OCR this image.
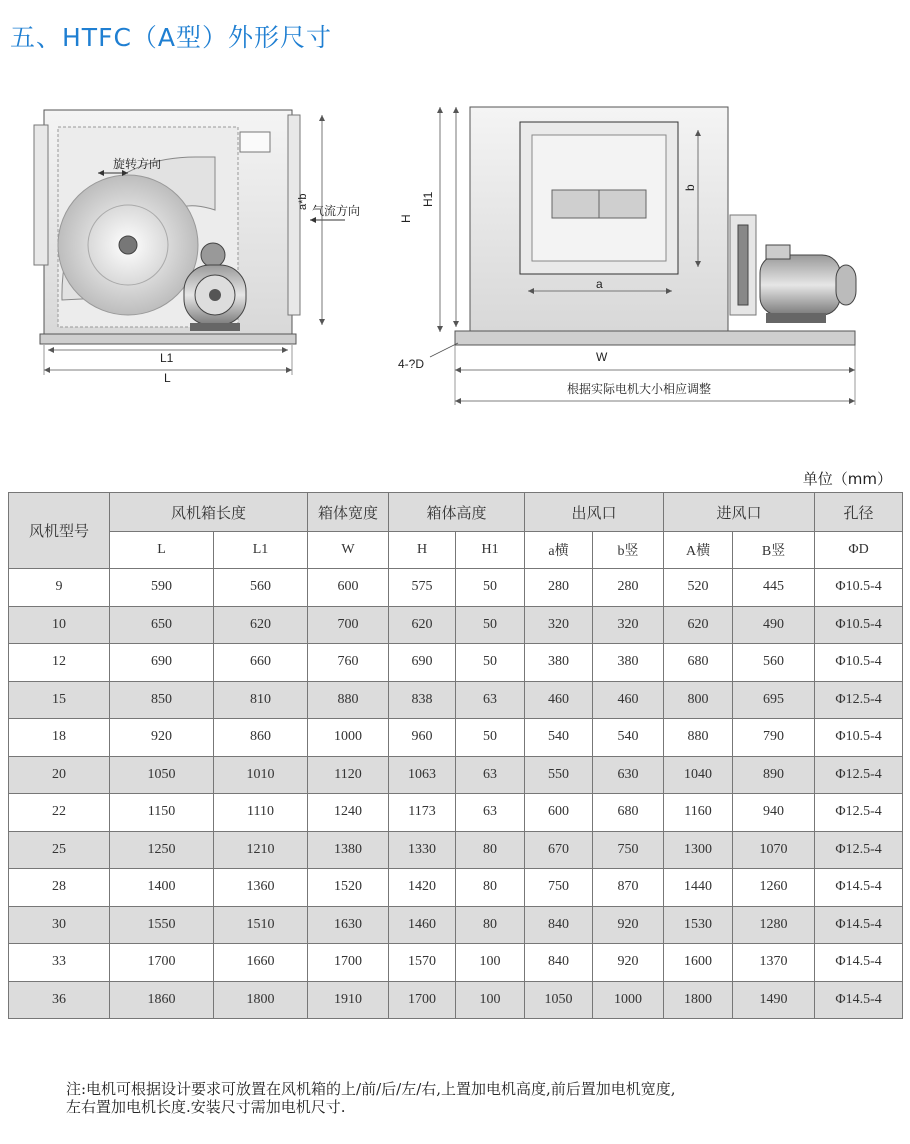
五、HTFC（A型）外形尺寸
旋转方向
气流方向
a*b
L1
L
H
H1
b
a
W
4-?D
根据实际电机大小相应调整
单位（mm）
风机型号	风机箱长度		箱体宽度	箱体高度		出风口		进风口		孔径
	L	L1	W	H	H1	a横	b竖	A横	B竖	ΦD
9	590	560	600	575	50	280	280	520	445	Φ10.5-4
10	650	620	700	620	50	320	320	620	490	Φ10.5-4
12	690	660	760	690	50	380	380	680	560	Φ10.5-4
15	850	810	880	838	63	460	460	800	695	Φ12.5-4
18	920	860	1000	960	50	540	540	880	790	Φ10.5-4
20	1050	1010	1120	1063	63	550	630	1040	890	Φ12.5-4
22	1150	1110	1240	1173	63	600	680	1160	940	Φ12.5-4
25	1250	1210	1380	1330	80	670	750	1300	1070	Φ12.5-4
28	1400	1360	1520	1420	80	750	870	1440	1260	Φ14.5-4
30	1550	1510	1630	1460	80	840	920	1530	1280	Φ14.5-4
33	1700	1660	1700	1570	100	840	920	1600	1370	Φ14.5-4
36	1860	1800	1910	1700	100	1050	1000	1800	1490	Φ14.5-4
注:电机可根据设计要求可放置在风机箱的上/前/后/左/右,上置加电机高度,前后置加电机宽度,
左右置加电机长度.安装尺寸需加电机尺寸.
